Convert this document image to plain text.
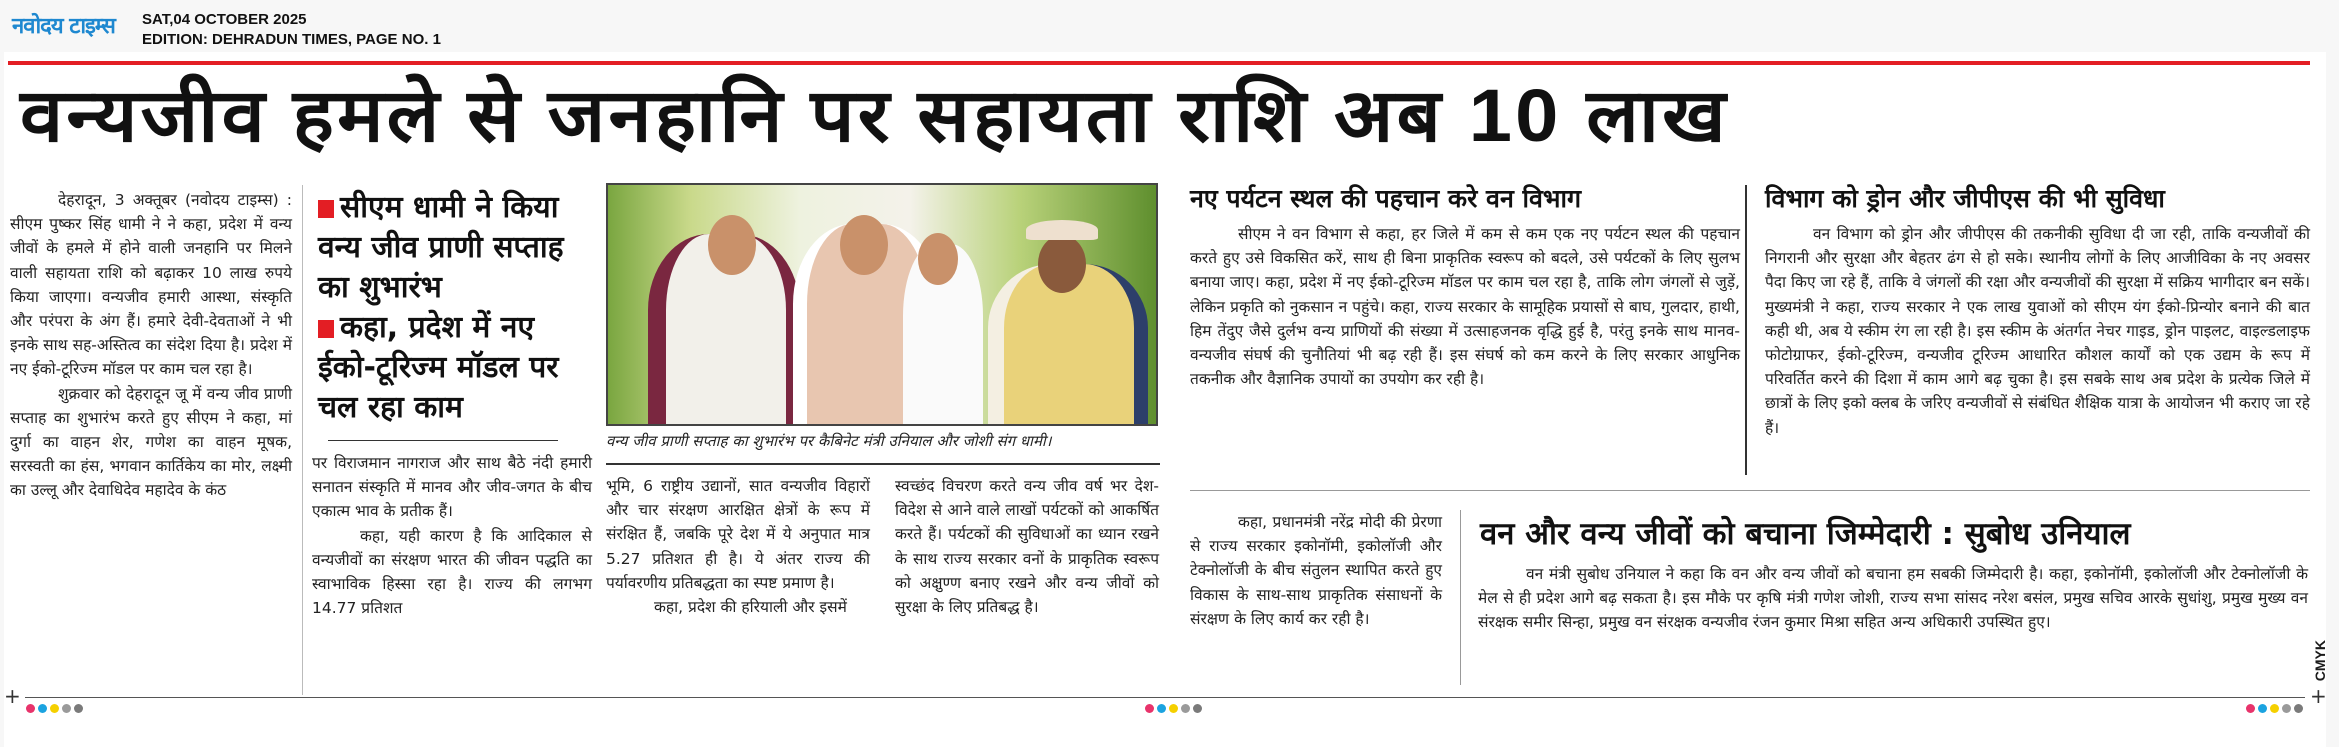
नवोदय टाइम्स SAT,04 OCTOBER 2025
EDITION: DEHRADUN TIMES, PAGE NO. 1
वन्यजीव हमले से जनहानि पर सहायता राशि अब 10 लाख

देहरादून, 3 अक्तूबर (नवोदय टाइम्स) : सीएम पुष्कर सिंह धामी ने ने कहा, प्रदेश में वन्य जीवों के हमले में होने वाली जनहानि पर मिलने वाली सहायता राशि को बढ़ाकर 10 लाख रुपये किया जाएगा। वन्यजीव हमारी आस्था, संस्कृति और परंपरा के अंग हैं। हमारे देवी-देवताओं ने भी इनके साथ सह-अस्तित्व का संदेश दिया है। प्रदेश में नए ईको-टूरिज्म मॉडल पर काम चल रहा है।

शुक्रवार को देहरादून जू में वन्य जीव प्राणी सप्ताह का शुभारंभ करते हुए सीएम ने कहा, मां दुर्गा का वाहन शेर, गणेश का वाहन मूषक, सरस्वती का हंस, भगवान कार्तिकेय का मोर, लक्ष्मी का उल्लू और देवाधिदेव महादेव के कंठ

सीएम धामी ने किया वन्य जीव प्राणी सप्ताह का शुभारंभ
कहा, प्रदेश में नए ईको-टूरिज्म मॉडल पर चल रहा काम

पर विराजमान नागराज और साथ बैठे नंदी हमारी सनातन संस्कृति में मानव और जीव-जगत के बीच एकात्म भाव के प्रतीक हैं।

कहा, यही कारण है कि आदिकाल से वन्यजीवों का संरक्षण भारत की जीवन पद्धति का स्वाभाविक हिस्सा रहा है। राज्य की लगभग 14.77 प्रतिशत

वन्य जीव प्राणी सप्ताह का शुभारंभ पर कैबिनेट मंत्री उनियाल और जोशी संग धामी।

भूमि, 6 राष्ट्रीय उद्यानों, सात वन्यजीव विहारों और चार संरक्षण आरक्षित क्षेत्रों के रूप में संरक्षित हैं, जबकि पूरे देश में ये अनुपात मात्र 5.27 प्रतिशत ही है। ये अंतर राज्य की पर्यावरणीय प्रतिबद्धता का स्पष्ट प्रमाण है।

कहा, प्रदेश की हरियाली और इसमें

स्वच्छंद विचरण करते वन्य जीव वर्ष भर देश-विदेश से आने वाले लाखों पर्यटकों को आकर्षित करते हैं। पर्यटकों की सुविधाओं का ध्यान रखने के साथ राज्य सरकार वनों के प्राकृतिक स्वरूप को अक्षुण्ण बनाए रखने और वन्य जीवों को सुरक्षा के लिए प्रतिबद्ध है।

नए पर्यटन स्थल की पहचान करे वन विभाग

सीएम ने वन विभाग से कहा, हर जिले में कम से कम एक नए पर्यटन स्थल की पहचान करते हुए उसे विकसित करें, साथ ही बिना प्राकृतिक स्वरूप को बदले, उसे पर्यटकों के लिए सुलभ बनाया जाए। कहा, प्रदेश में नए ईको-टूरिज्म मॉडल पर काम चल रहा है, ताकि लोग जंगलों से जुड़ें, लेकिन प्रकृति को नुकसान न पहुंचे। कहा, राज्य सरकार के सामूहिक प्रयासों से बाघ, गुलदार, हाथी, हिम तेंदुए जैसे दुर्लभ वन्य प्राणियों की संख्या में उत्साहजनक वृद्धि हुई है, परंतु इनके साथ मानव-वन्यजीव संघर्ष की चुनौतियां भी बढ़ रही हैं। इस संघर्ष को कम करने के लिए सरकार आधुनिक तकनीक और वैज्ञानिक उपायों का उपयोग कर रही है।

विभाग को ड्रोन और जीपीएस की भी सुविधा

वन विभाग को ड्रोन और जीपीएस की तकनीकी सुविधा दी जा रही, ताकि वन्यजीवों की निगरानी और सुरक्षा और बेहतर ढंग से हो सके। स्थानीय लोगों के लिए आजीविका के नए अवसर पैदा किए जा रहे हैं, ताकि वे जंगलों की रक्षा और वन्यजीवों की सुरक्षा में सक्रिय भागीदार बन सकें। मुख्यमंत्री ने कहा, राज्य सरकार ने एक लाख युवाओं को सीएम यंग ईको-प्रिन्योर बनाने की बात कही थी, अब ये स्कीम रंग ला रही है। इस स्कीम के अंतर्गत नेचर गाइड, ड्रोन पाइलट, वाइल्डलाइफ फोटोग्राफर, ईको-टूरिज्म, वन्यजीव टूरिज्म आधारित कौशल कार्यों को एक उद्यम के रूप में परिवर्तित करने की दिशा में काम आगे बढ़ चुका है। इस सबके साथ अब प्रदेश के प्रत्येक जिले में छात्रों के लिए इको क्लब के जरिए वन्यजीवों से संबंधित शैक्षिक यात्रा के आयोजन भी कराए जा रहे हैं।

कहा, प्रधानमंत्री नरेंद्र मोदी की प्रेरणा से राज्य सरकार इकोनॉमी, इकोलॉजी और टेक्नोलॉजी के बीच संतुलन स्थापित करते हुए विकास के साथ-साथ प्राकृतिक संसाधनों के संरक्षण के लिए कार्य कर रही है।

वन और वन्य जीवों को बचाना जिम्मेदारी : सुबोध उनियाल

वन मंत्री सुबोध उनियाल ने कहा कि वन और वन्य जीवों को बचाना हम सबकी जिम्मेदारी है। कहा, इकोनॉमी, इकोलॉजी और टेक्नोलॉजी के मेल से ही प्रदेश आगे बढ़ सकता है। इस मौके पर कृषि मंत्री गणेश जोशी, राज्य सभा सांसद नरेश बसंल, प्रमुख सचिव आरके सुधांशु, प्रमुख मुख्य वन संरक्षक समीर सिन्हा, प्रमुख वन संरक्षक वन्यजीव रंजन कुमार मिश्रा सहित अन्य अधिकारी उपस्थित हुए।

+	+
CMYK
